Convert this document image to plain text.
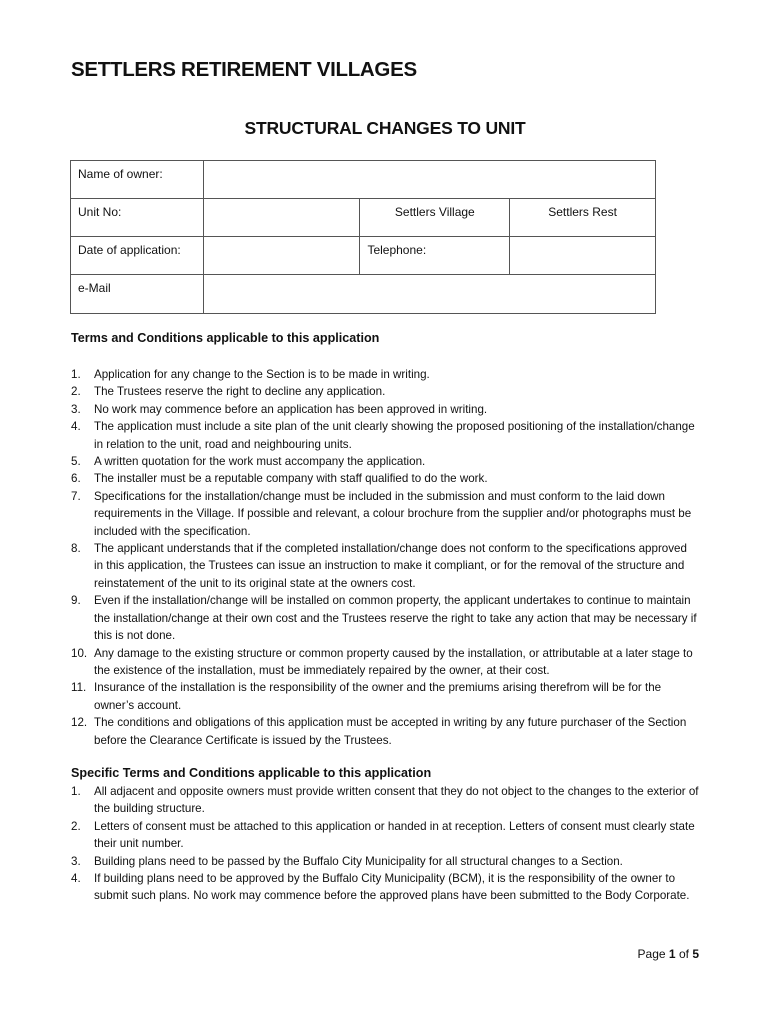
SETTLERS RETIREMENT VILLAGES
STRUCTURAL CHANGES TO UNIT
Name of owner:			
Unit No:		Settlers Village	Settlers Rest
Date of application:		Telephone:	
e-Mail			
Terms and Conditions applicable to this application
1. Application for any change to the Section is to be made in writing.
2. The Trustees reserve the right to decline any application.
3. No work may commence before an application has been approved in writing.
4. The application must include a site plan of the unit clearly showing the proposed positioning of the installation/change in relation to the unit, road and neighbouring units.
5. A written quotation for the work must accompany the application.
6. The installer must be a reputable company with staff qualified to do the work.
7. Specifications for the installation/change must be included in the submission and must conform to the laid down requirements in the Village. If possible and relevant, a colour brochure from the supplier and/or photographs must be included with the specification.
8. The applicant understands that if the completed installation/change does not conform to the specifications approved in this application, the Trustees can issue an instruction to make it compliant, or for the removal of the structure and reinstatement of the unit to its original state at the owners cost.
9. Even if the installation/change will be installed on common property, the applicant undertakes to continue to maintain the installation/change at their own cost and the Trustees reserve the right to take any action that may be necessary if this is not done.
10. Any damage to the existing structure or common property caused by the installation, or attributable at a later stage to the existence of the installation, must be immediately repaired by the owner, at their cost.
11. Insurance of the installation is the responsibility of the owner and the premiums arising therefrom will be for the owner’s account.
12. The conditions and obligations of this application must be accepted in writing by any future purchaser of the Section before the Clearance Certificate is issued by the Trustees.
Specific Terms and Conditions applicable to this application
1. All adjacent and opposite owners must provide written consent that they do not object to the changes to the exterior of the building structure.
2. Letters of consent must be attached to this application or handed in at reception. Letters of consent must clearly state their unit number.
3. Building plans need to be passed by the Buffalo City Municipality for all structural changes to a Section.
4. If building plans need to be approved by the Buffalo City Municipality (BCM), it is the responsibility of the owner to submit such plans. No work may commence before the approved plans have been submitted to the Body Corporate.
Page 1 of 5
